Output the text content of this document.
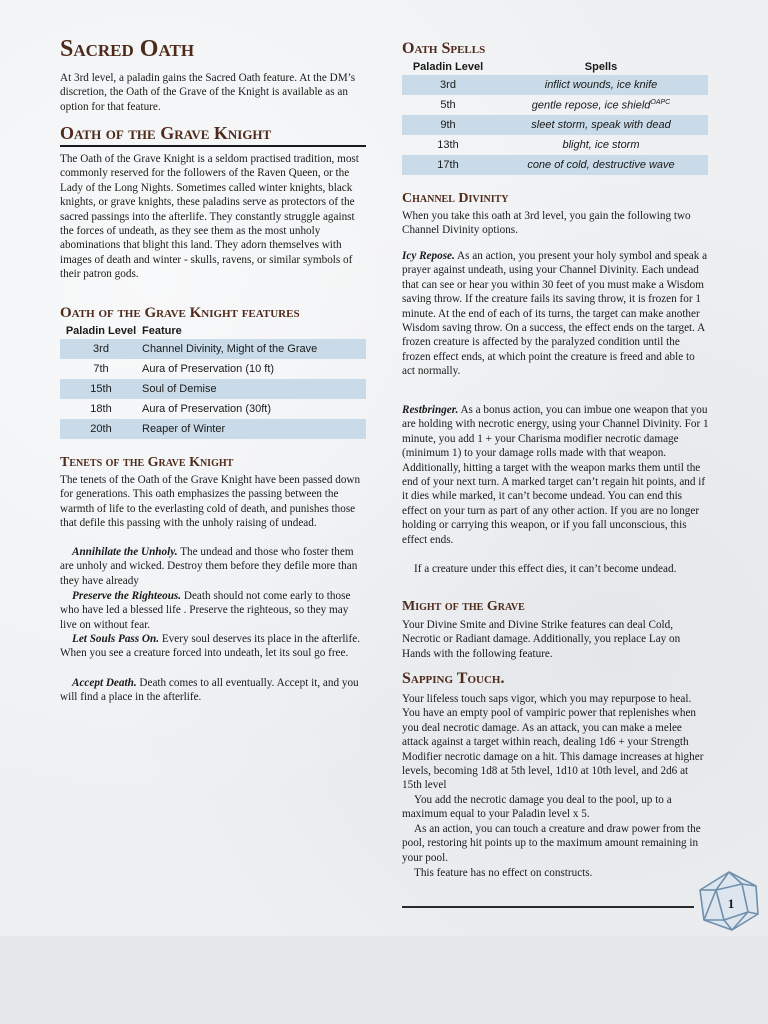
Sacred Oath
At 3rd level, a paladin gains the Sacred Oath feature. At the DM’s discretion, the Oath of the Grave of the Knight is available as an option for that feature.
Oath of the Grave Knight
The Oath of the Grave Knight is a seldom practised tradition, most commonly reserved for the followers of the Raven Queen, or the Lady of the Long Nights. Sometimes called winter knights, black knights, or grave knights, these paladins serve as protectors of the sacred passings into the afterlife. They constantly struggle against the forces of undeath, as they see them as the most unholy abominations that blight this land. They adorn themselves with images of death and winter - skulls, ravens, or similar symbols of their patron gods.
Oath of the Grave Knight features
Paladin Level	Feature
3rd	Channel Divinity, Might of the Grave
7th	Aura of Preservation (10 ft)
15th	Soul of Demise
18th	Aura of Preservation (30ft)
20th	Reaper of Winter
Tenets of the Grave Knight
The tenets of the Oath of the Grave Knight have been passed down for generations. This oath emphasizes the passing between the warmth of life to the everlasting cold of death, and punishes those that defile this passing with the unholy raising of undead.
Annihilate the Unholy. The undead and those who foster them are unholy and wicked. Destroy them before they defile more than they have already
Preserve the Righteous. Death should not come early to those who have led a blessed life . Preserve the righteous, so they may live on without fear.
Let Souls Pass On. Every soul deserves its place in the afterlife. When you see a creature forced into undeath, let its soul go free.
Accept Death. Death comes to all eventually. Accept it, and you will find a place in the afterlife.
Oath Spells
Paladin Level	Spells
3rd	inflict wounds, ice knife
5th	gentle repose, ice shield$^{OAPC}$
9th	sleet storm, speak with dead
13th	blight, ice storm
17th	cone of cold, destructive wave
Channel Divinity
When you take this oath at 3rd level, you gain the following two Channel Divinity options.
Icy Repose. As an action, you present your holy symbol and speak a prayer against undeath, using your Channel Divinity. Each undead that can see or hear you within 30 feet of you must make a Wisdom saving throw. If the creature fails its saving throw, it is frozen for 1 minute. At the end of each of its turns, the target can make another Wisdom saving throw. On a success, the effect ends on the target. A frozen creature is affected by the paralyzed condition until the frozen effect ends, at which point the creature is freed and able to act normally.
Restbringer. As a bonus action, you can imbue one weapon that you are holding with necrotic energy, using your Channel Divinity. For 1 minute, you add 1 + your Charisma modifier necrotic damage (minimum 1) to your damage rolls made with that weapon. Additionally, hitting a target with the weapon marks them until the end of your next turn. A marked target can’t regain hit points, and if it dies while marked, it can’t become undead. You can end this effect on your turn as part of any other action. If you are no longer holding or carrying this weapon, or if you fall unconscious, this effect ends.
If a creature under this effect dies, it can’t become undead.
Might of the Grave
Your Divine Smite and Divine Strike features can deal Cold, Necrotic or Radiant damage. Additionally, you replace Lay on Hands with the following feature.
Sapping Touch.
Your lifeless touch saps vigor, which you may repurpose to heal. You have an empty pool of vampiric power that replenishes when you deal necrotic damage. As an attack, you can make a melee attack against a target within reach, dealing 1d6 + your Strength Modifier necrotic damage on a hit. This damage increases at higher levels, becoming 1d8 at 5th level, 1d10 at 10th level, and 2d6 at 15th level
You add the necrotic damage you deal to the pool, up to a maximum equal to your Paladin level x 5.
As an action, you can touch a creature and draw power from the pool, restoring hit points up to the maximum amount remaining in your pool.
This feature has no effect on constructs.
1
